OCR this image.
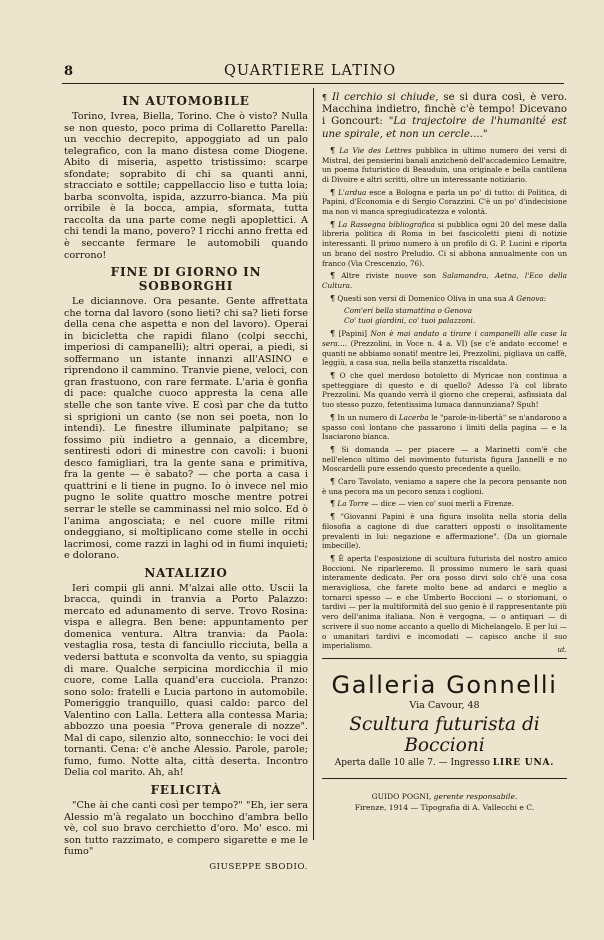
8	QUARTIERE LATINO
IN AUTOMOBILE

Torino, Ivrea, Biella, Torino. Che ò visto? Nulla se non questo, poco prima di Collaretto Parella: un vecchio decrepito, appoggiato ad un palo telegrafico, con la mano distesa come Diogene. Abito di miseria, aspetto tristissimo: scarpe sfondate; soprabito di chi sa quanti anni, stracciato e sottile; cappellaccio liso e tutta loia; barba sconvolta, ispida, azzurro-bianca. Ma più orribile è la bocca, ampia, sformata, tutta raccolta da una parte come negli apoplettici. A chi tendi la mano, povero? I ricchi anno fretta ed è seccante fermare le automobili quando corrono!

FINE DI GIORNO IN SOBBORGHI

Le diciannove. Ora pesante. Gente affrettata che torna dal lavoro (sono lieti? chi sa? lieti forse della cena che aspetta e non del lavoro). Operai in bicicletta che rapidi filano (colpi secchi, imperiosi di campanelli); altri operai, a piedi, si soffermano un istante innanzi all'ASINO e riprendono il cammino. Tranvie piene, veloci, con gran frastuono, con rare fermate. L'aria è gonfia di pace: qualche cuoco appresta la cena alle stelle che son tante vive. E così par che da tutto si sprigioni un canto (se non sei poeta, non lo intendi). Le finestre illuminate palpitano; se fossimo più indietro a gennaio, a dicembre, sentiresti odori di minestre con cavoli: i buoni desco famigliari, tra la gente sana e primitiva, fra la gente — è sabato? — che porta a casa i quattrini e li tiene in pugno. Io ò invece nel mio pugno le solite quattro mosche mentre potrei serrar le stelle se camminassi nel mio solco. Ed ò l'anima angosciata; e nel cuore mille ritmi ondeggiano, si moltiplicano come stelle in occhi lacrimosi, come razzi in laghi od in fiumi inquieti; e dolorano.

NATALIZIO

Ieri compii gli anni. M'alzai alle otto. Uscii la bracca, quindi in tranvia a Porto Palazzo: mercato ed adunamento di serve. Trovo Rosina: vispa e allegra. Ben bene: appuntamento per domenica ventura. Altra tranvia: da Paola: vestaglia rosa, testa di fanciullo ricciuta, bella a vedersi battuta e sconvolta da vento, su spiaggia di mare. Qualche serpicina mordicchia il mio cuore, come Lalla quand'era cucciola. Pranzo: sono solo: fratelli e Lucia partono in automobile. Pomeriggio tranquillo, quasi caldo: parco del Valentino con Lalla. Lettera alla contessa Maria; abbozzo una poesia "Prova generale di nozze". Mal di capo, silenzio alto, sonnecchio: le voci dei tornanti. Cena: c'è anche Alessio. Parole, parole; fumo, fumo. Notte alta, città deserta. Incontro Delia col marito. Ah, ah!

FELICITÀ

"Che ài che canti così per tempo?" "Eh, ier sera Alessio m'à regalato un bocchino d'ambra bello vè, col suo bravo cerchietto d'oro. Mo' esco. mi son tutto razzimato, e compero sigarette e me le fumo"

GIUSEPPE SBODIO.
¶ Il cerchio si chiude, se si dura così, è vero. Macchina indietro, finchè c'è tempo! Dicevano i Goncourt: "La trajectoire de l'humanité est une spirale, et non un cercle...."

¶ La Vie des Lettres pubblica in ultimo numero dei versi di Mistral, dei pensierini banali anzichenò dell'accademico Lemaitre, un poema futuristico di Beauduin, una originale e bella cantilena di Divoire e altri scritti, oltre un interessante notiziario.

¶ L'ardua esce a Bologna e parla un po' di tutto: di Politica, di Papini, d'Economia e di Sergio Corazzini. C'è un po' d'indecisione ma non vi manca spregiudicatezza e volontà.

¶ La Rassegna bibliografica si pubblica ogni 20 del mese dalla libreria politica di Roma in bei fascicoletti pieni di notizie interessanti. Il primo numero à un profilo di G. P. Lucini e riporta un brano del nostro Preludio. Ci si abbona annualmente con un franco (Via Crescenzio, 76).

¶ Altre riviste nuove son Salamandra, Aetna, l'Eco della Cultura.

¶ Questi son versi di Domenico Oliva in una sua A Genova:

Com'eri bella stamattina o Genova
Co' tuoi giardini, co' tuoi palazzoni.

¶ [Papini] Non è mai andato a tirare i campanelli alle case la sera.... (Prezzolini, in Voce n. 4 a. VI) [se c'è andato eccome! e quanti ne abbiamo sonati! mentre lei, Prezzolini, pigliava un caffè, leggiù, a casa sua, nella bella stanzetta riscaldata.

¶ O che quel merdoso botoletto di Myricae non continua a spetteggiare di questo e di quello? Adesso l'à col librato Prezzolini. Ma quando verrà il giorno che creperai, asfissiata dal tuo stesso puzzo, fetentissima lumaca dannunziana? Spuh!

¶ In un numero di Lacerba le "parole-in-libertà" se n'andarono a spasso così lontano che passarono i limiti della pagina — e la Isaciarono bianca.

¶ Si domanda — per piacere — a Marinetti com'è che nell'elenco ultimo del movimento futurista figura Jannelli e no Moscardelli pure essendo questo precedente a quello.

¶ Caro Tavolato, veniamo a sapere che la pecora pensante non è una pecora ma un pecoro senza i coglioni.

¶ La Torre — dice — vien co' suoi merli a Firenze.

¶ "Giovanni Papini è una figura insolita nella storia della filosofia a cagione di due caratteri opposti o insolitamente prevalenti in lui: negazione e affermazione". (Da un giornale imbecille).

¶ È aperta l'esposizione di scultura futurista del nostro amico Boccioni. Ne riparleremo. Il prossimo numero le sarà quasi interamente dedicato. Per ora posso dirvi solo ch'è una cosa meravigliosa, che farete molto bene ad andarci e meglio a tornarci spesso — e che Umberto Boccioni — o storiomani, o tardivi — per la multiformità del suo genio è il rappresentante più vero dell'anima italiana. Non è vergogna, — o antiquari — di scrivere il suo nome accanto a quello di Michelangelo. E per lui — o umanitari tardivi e incomodati — capisco anche il suo imperialismo.	ut.
Galleria Gonnelli
Via Cavour, 48
Scultura futurista di Boccioni
Aperta dalle 10 alle 7. — Ingresso LIRE UNA.
GUIDO POGNI, gerente responsabile.
Firenze, 1914 — Tipografia di A. Vallecchi e C.
